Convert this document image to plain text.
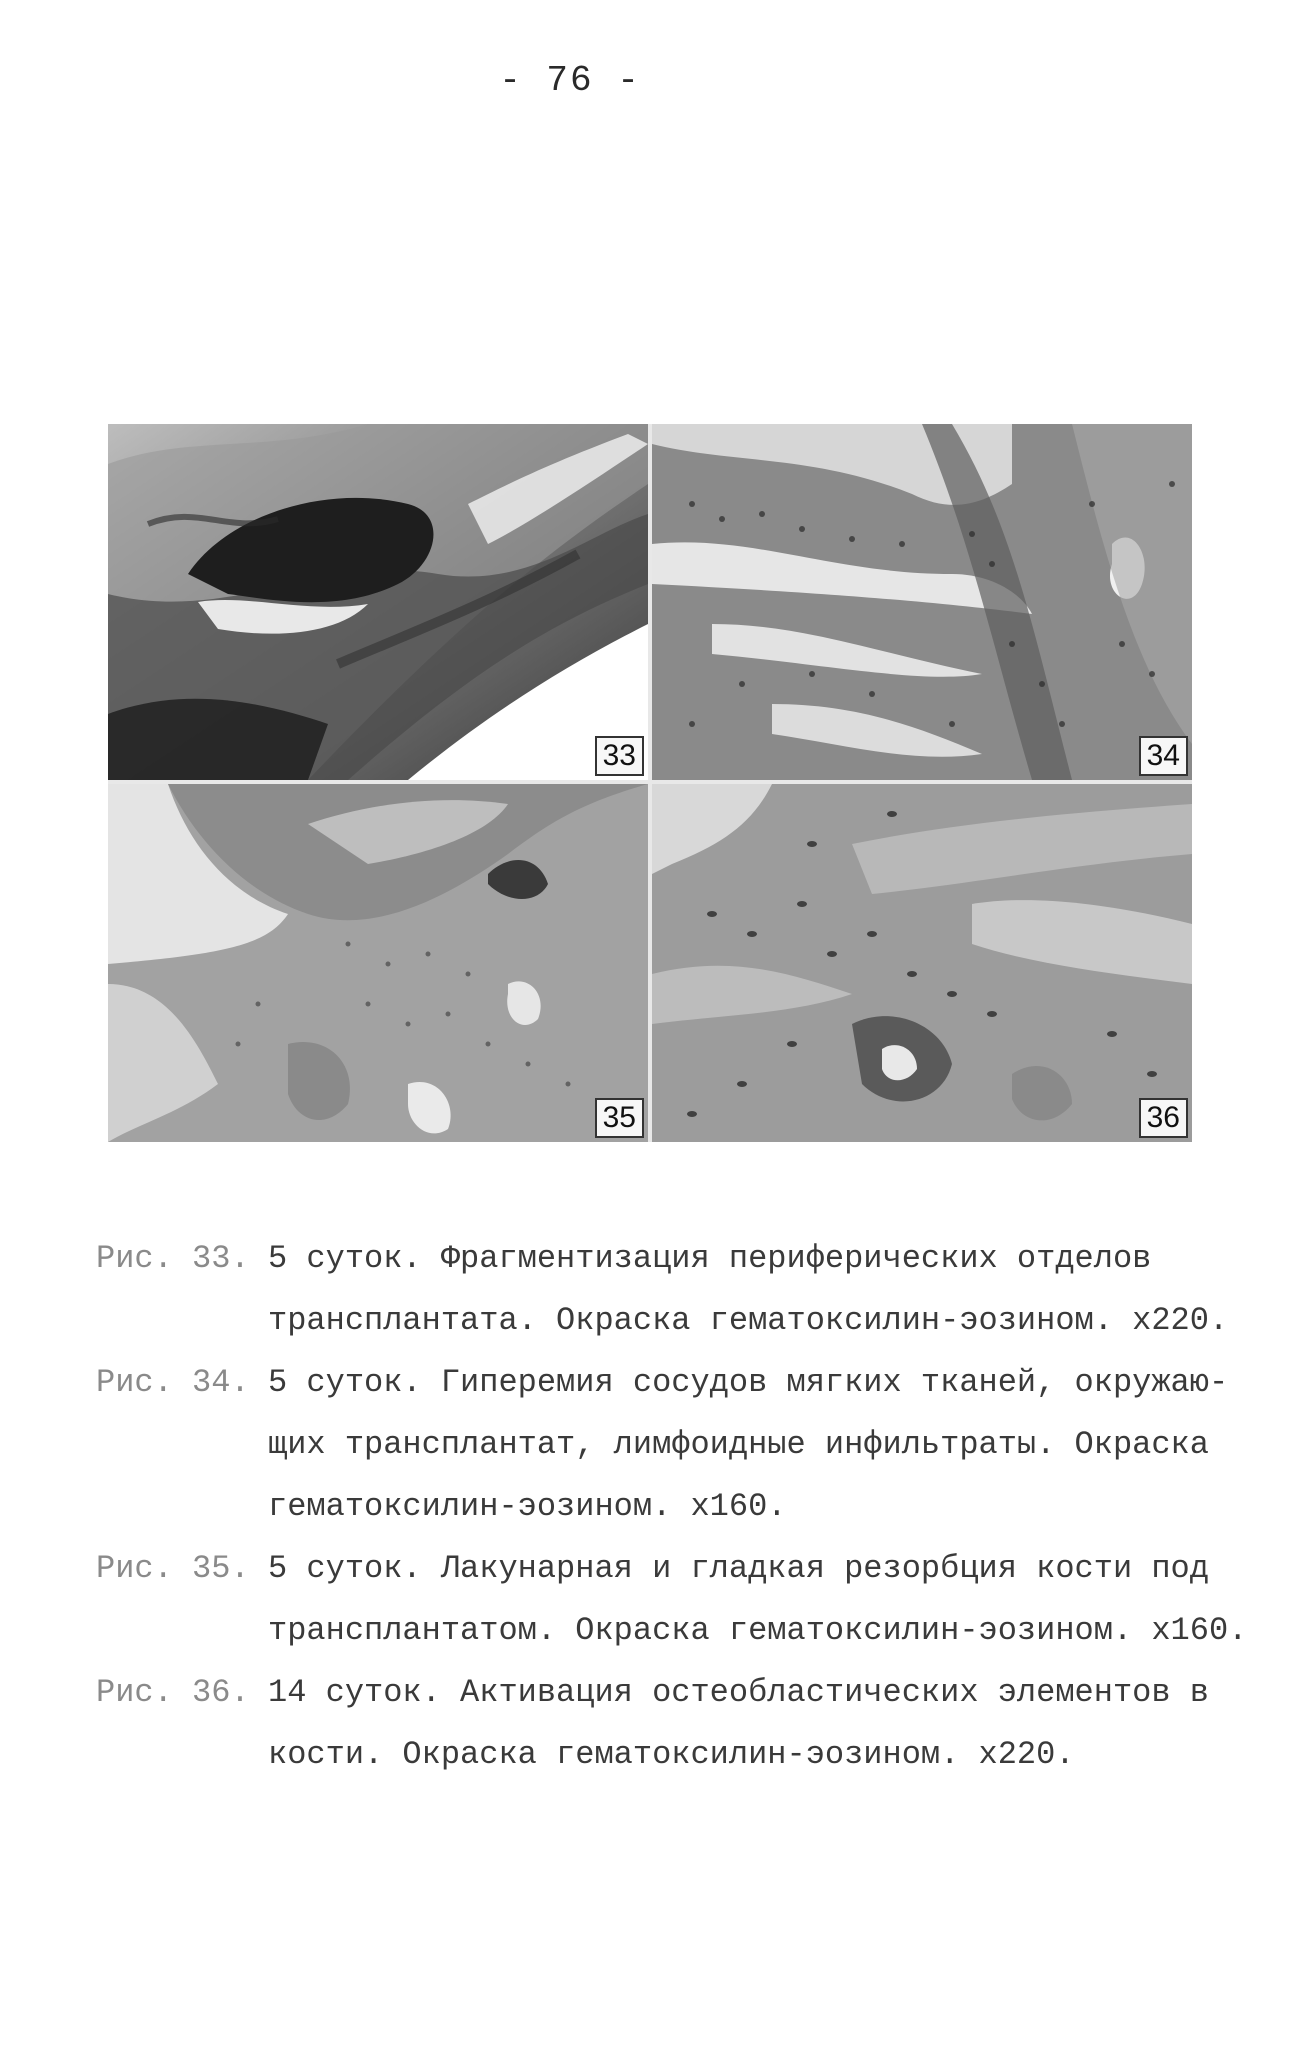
- 76 -
33	34
35	36
Рис. 33. 5 суток. Фрагментизация периферических отделов
трансплантата. Окраска гематоксилин-эозином. х220.
Рис. 34. 5 суток. Гиперемия сосудов мягких тканей, окружаю-
щих трансплантат, лимфоидные инфильтраты. Окраска
гематоксилин-эозином. х160.
Рис. 35. 5 суток. Лакунарная и гладкая резорбция кости под
трансплантатом. Окраска гематоксилин-эозином. х160.
Рис. 36. 14 суток. Активация остеобластических элементов в
кости. Окраска гематоксилин-эозином. х220.
